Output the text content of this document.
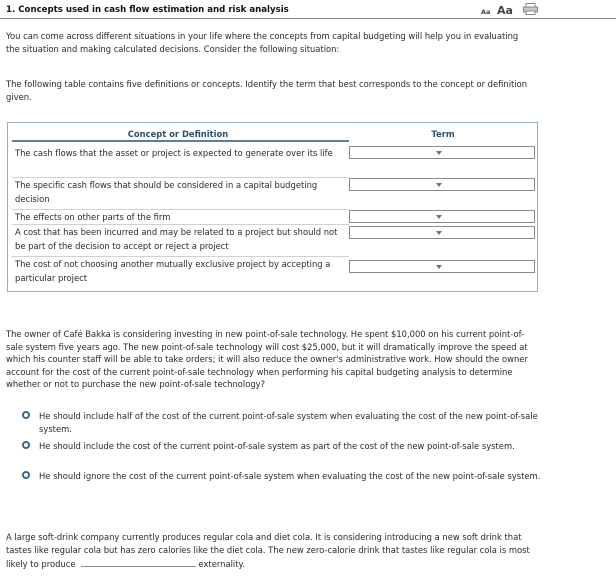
1. Concepts used in cash flow estimation and risk analysis	Aa Aa

You can come across different situations in your life where the concepts from capital budgeting will help you in evaluating the situation and making calculated decisions. Consider the following situation:

The following table contains five definitions or concepts. Identify the term that best corresponds to the concept or definition given.

Concept or Definition	Term
The cash flows that the asset or project is expected to generate over its life
The specific cash flows that should be considered in a capital budgeting decision
The effects on other parts of the firm
A cost that has been incurred and may be related to a project but should not be part of the decision to accept or reject a project
The cost of not choosing another mutually exclusive project by accepting a particular project

The owner of Café Bakka is considering investing in new point-of-sale technology. He spent $10,000 on his current point-of-sale system five years ago. The new point-of-sale technology will cost $25,000, but it will dramatically improve the speed at which his counter staff will be able to take orders; it will also reduce the owner's administrative work. How should the owner account for the cost of the current point-of-sale technology when performing his capital budgeting analysis to determine whether or not to purchase the new point-of-sale technology?

He should include half of the cost of the current point-of-sale system when evaluating the cost of the new point-of-sale system.
He should include the cost of the current point-of-sale system as part of the cost of the new point-of-sale system.
He should ignore the cost of the current point-of-sale system when evaluating the cost of the new point-of-sale system.

A large soft-drink company currently produces regular cola and diet cola. It is considering introducing a new soft drink that tastes like regular cola but has zero calories like the diet cola. The new zero-calorie drink that tastes like regular cola is most likely to produce	externality.
